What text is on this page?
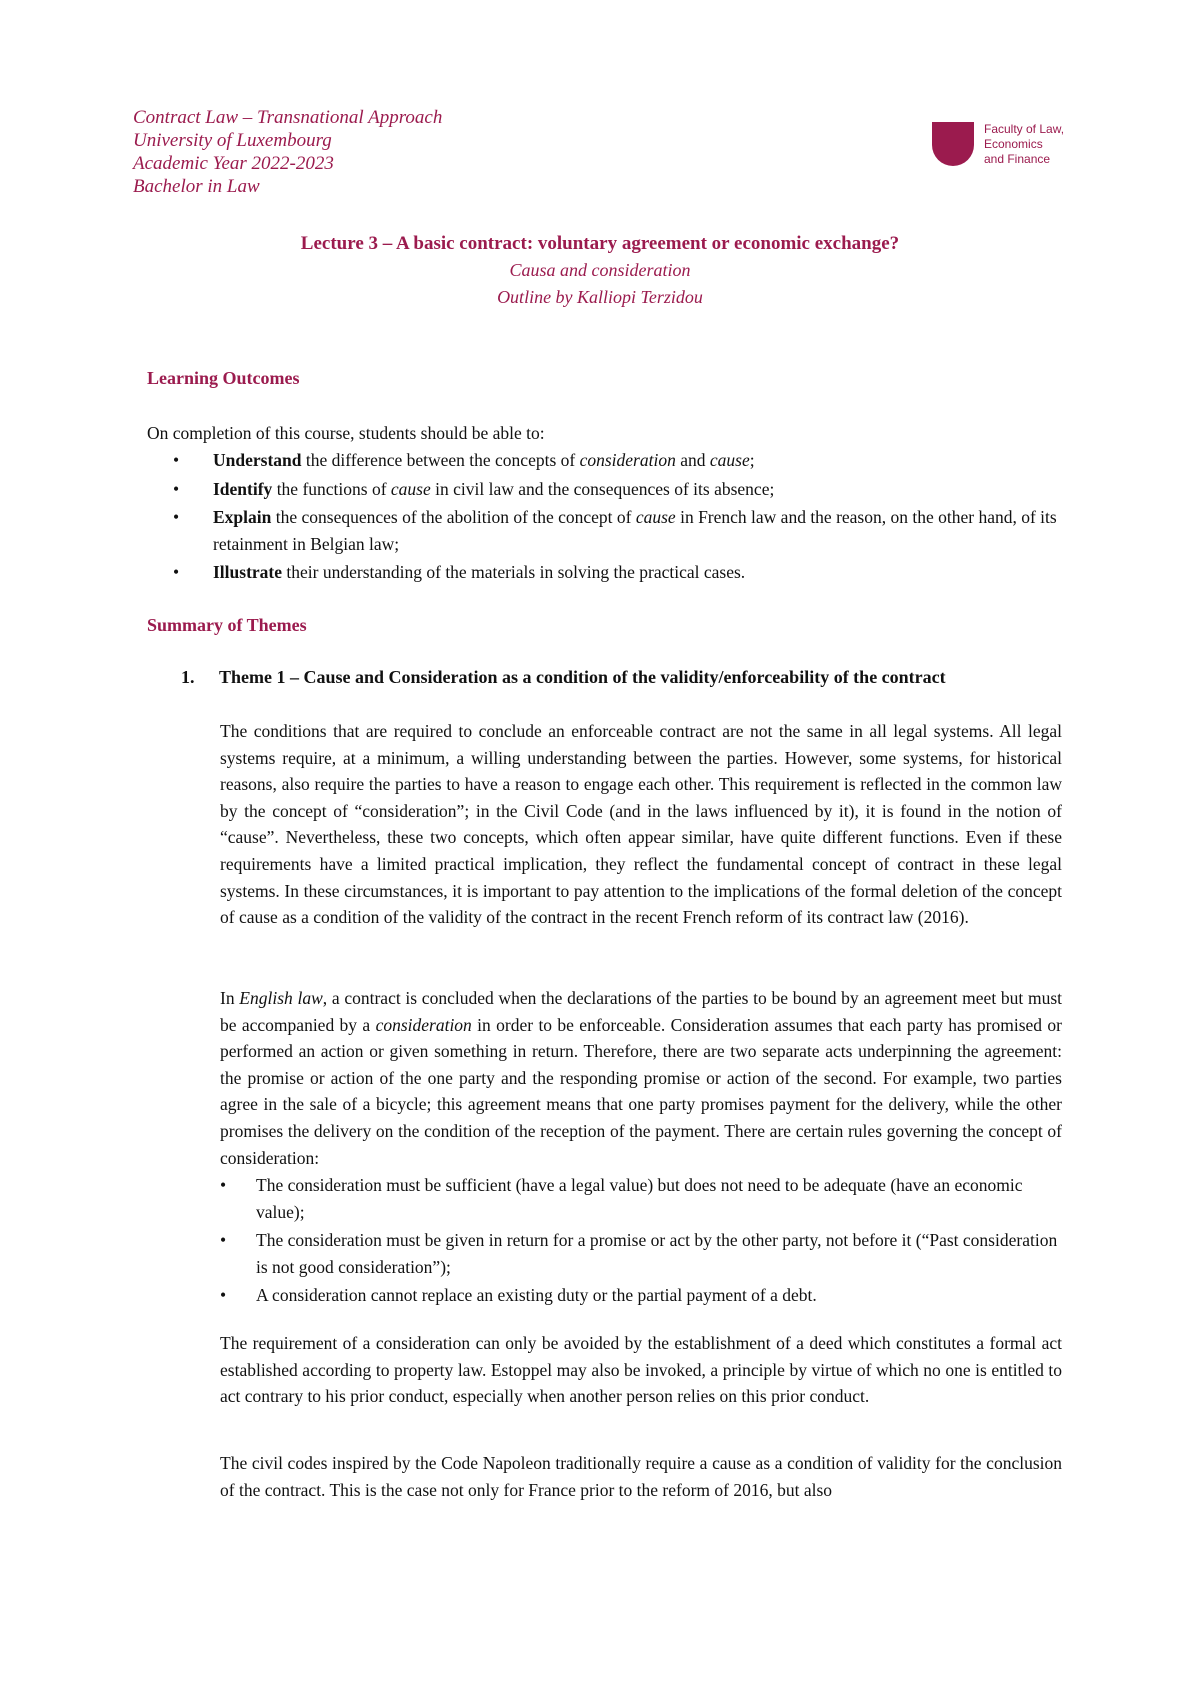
Contract Law – Transnational Approach
University of Luxembourg
Academic Year 2022-2023
Bachelor in Law
Faculty of Law,
Economics
and Finance
Lecture 3 – A basic contract: voluntary agreement or economic exchange?
Causa and consideration
Outline by Kalliopi Terzidou
Learning Outcomes
On completion of this course, students should be able to:
• Understand the difference between the concepts of consideration and cause;
• Identify the functions of cause in civil law and the consequences of its absence;
• Explain the consequences of the abolition of the concept of cause in French law and the reason, on the other hand, of its retainment in Belgian law;
• Illustrate their understanding of the materials in solving the practical cases.
Summary of Themes
1. Theme 1 – Cause and Consideration as a condition of the validity/enforceability of the contract
The conditions that are required to conclude an enforceable contract are not the same in all legal systems. All legal systems require, at a minimum, a willing understanding between the parties. However, some systems, for historical reasons, also require the parties to have a reason to engage each other. This requirement is reflected in the common law by the concept of “consideration”; in the Civil Code (and in the laws influenced by it), it is found in the notion of “cause”. Nevertheless, these two concepts, which often appear similar, have quite different functions. Even if these requirements have a limited practical implication, they reflect the fundamental concept of contract in these legal systems. In these circumstances, it is important to pay attention to the implications of the formal deletion of the concept of cause as a condition of the validity of the contract in the recent French reform of its contract law (2016).
In English law, a contract is concluded when the declarations of the parties to be bound by an agreement meet but must be accompanied by a consideration in order to be enforceable. Consideration assumes that each party has promised or performed an action or given something in return. Therefore, there are two separate acts underpinning the agreement: the promise or action of the one party and the responding promise or action of the second. For example, two parties agree in the sale of a bicycle; this agreement means that one party promises payment for the delivery, while the other promises the delivery on the condition of the reception of the payment. There are certain rules governing the concept of consideration:
• The consideration must be sufficient (have a legal value) but does not need to be adequate (have an economic value);
• The consideration must be given in return for a promise or act by the other party, not before it (“Past consideration is not good consideration”);
• A consideration cannot replace an existing duty or the partial payment of a debt.
The requirement of a consideration can only be avoided by the establishment of a deed which constitutes a formal act established according to property law. Estoppel may also be invoked, a principle by virtue of which no one is entitled to act contrary to his prior conduct, especially when another person relies on this prior conduct.
The civil codes inspired by the Code Napoleon traditionally require a cause as a condition of validity for the conclusion of the contract. This is the case not only for France prior to the reform of 2016, but also
